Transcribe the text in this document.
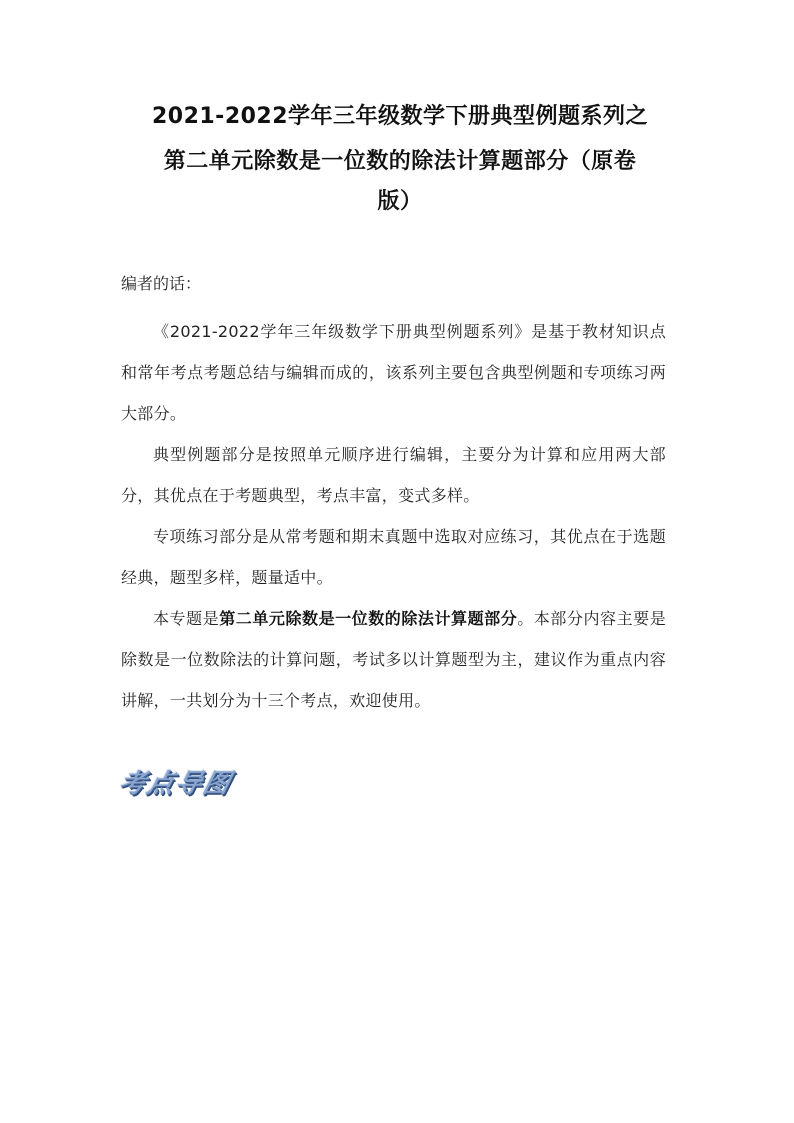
2021-2022学年三年级数学下册典型例题系列之
第二单元除数是一位数的除法计算题部分（原卷
版）
编者的话：
《2021-2022学年三年级数学下册典型例题系列》是基于教材知识点和常年考点考题总结与编辑而成的，该系列主要包含典型例题和专项练习两大部分。
典型例题部分是按照单元顺序进行编辑，主要分为计算和应用两大部分，其优点在于考题典型，考点丰富，变式多样。
专项练习部分是从常考题和期末真题中选取对应练习，其优点在于选题经典，题型多样，题量适中。
本专题是第二单元除数是一位数的除法计算题部分。本部分内容主要是除数是一位数除法的计算问题，考试多以计算题型为主，建议作为重点内容讲解，一共划分为十三个考点，欢迎使用。
考点导图
